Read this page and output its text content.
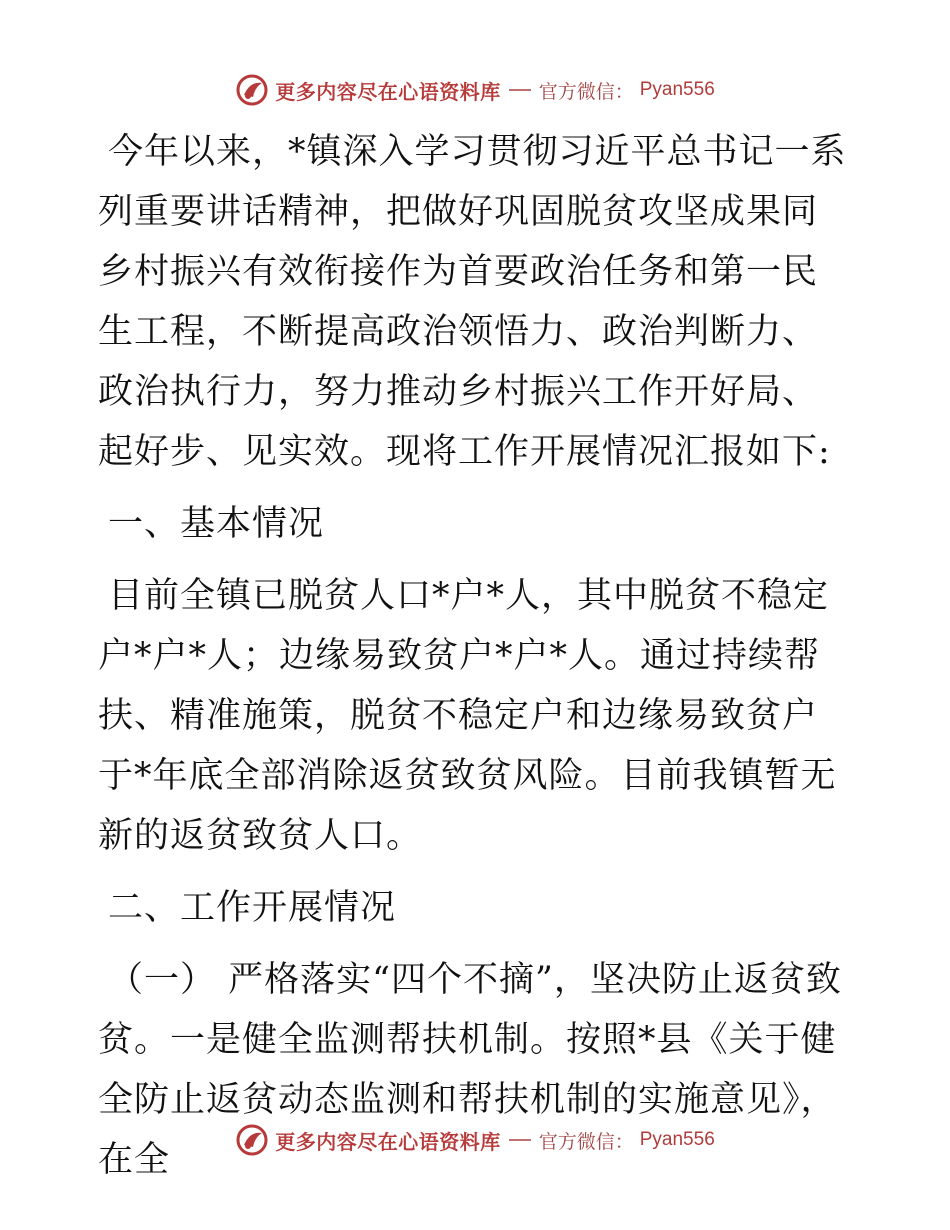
更多内容尽在心语资料库 官方微信： Pyan556

今年以来，*镇深入学习贯彻习近平总书记一系列重要讲话精神，把做好巩固脱贫攻坚成果同乡村振兴有效衔接作为首要政治任务和第一民生工程，不断提高政治领悟力、政治判断力、政治执行力，努力推动乡村振兴工作开好局、起好步、见实效。现将工作开展情况汇报如下:

一、基本情况

目前全镇已脱贫人口*户*人，其中脱贫不稳定户*户*人；边缘易致贫户*户*人。通过持续帮扶、精准施策，脱贫不稳定户和边缘易致贫户于*年底全部消除返贫致贫风险。目前我镇暂无新的返贫致贫人口。

二、工作开展情况

（一） 严格落实“四个不摘”，坚决防止返贫致贫。一是健全监测帮扶机制。按照*县《关于健全防止返贫动态监测和帮扶机制的实施意见》，在全	更多内容尽在心语资料库 官方微信： Pyan556
